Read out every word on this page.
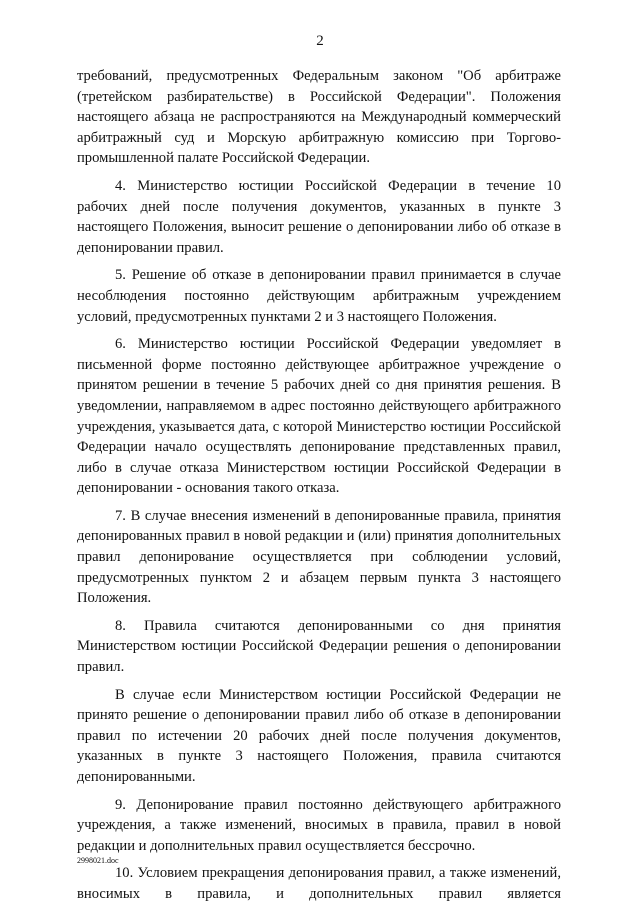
2

требований, предусмотренных Федеральным законом "Об арбитраже (третейском разбирательстве) в Российской Федерации". Положения настоящего абзаца не распространяются на Международный коммерческий арбитражный суд и Морскую арбитражную комиссию при Торгово-промышленной палате Российской Федерации.

4. Министерство юстиции Российской Федерации в течение 10 рабочих дней после получения документов, указанных в пункте 3 настоящего Положения, выносит решение о депонировании либо об отказе в депонировании правил.

5. Решение об отказе в депонировании правил принимается в случае несоблюдения постоянно действующим арбитражным учреждением условий, предусмотренных пунктами 2 и 3 настоящего Положения.

6. Министерство юстиции Российской Федерации уведомляет в письменной форме постоянно действующее арбитражное учреждение о принятом решении в течение 5 рабочих дней со дня принятия решения. В уведомлении, направляемом в адрес постоянно действующего арбитражного учреждения, указывается дата, с которой Министерство юстиции Российской Федерации начало осуществлять депонирование представленных правил, либо в случае отказа Министерством юстиции Российской Федерации в депонировании - основания такого отказа.

7. В случае внесения изменений в депонированные правила, принятия депонированных правил в новой редакции и (или) принятия дополнительных правил депонирование осуществляется при соблюдении условий, предусмотренных пунктом 2 и абзацем первым пункта 3 настоящего Положения.

8. Правила считаются депонированными со дня принятия Министерством юстиции Российской Федерации решения о депонировании правил.

В случае если Министерством юстиции Российской Федерации не принято решение о депонировании правил либо об отказе в депонировании правил по истечении 20 рабочих дней после получения документов, указанных в пункте 3 настоящего Положения, правила считаются депонированными.

9. Депонирование правил постоянно действующего арбитражного учреждения, а также изменений, вносимых в правила, правил в новой редакции и дополнительных правил осуществляется бессрочно.

10. Условием прекращения депонирования правил, а также изменений, вносимых в правила, и дополнительных правил является

2998021.doc
